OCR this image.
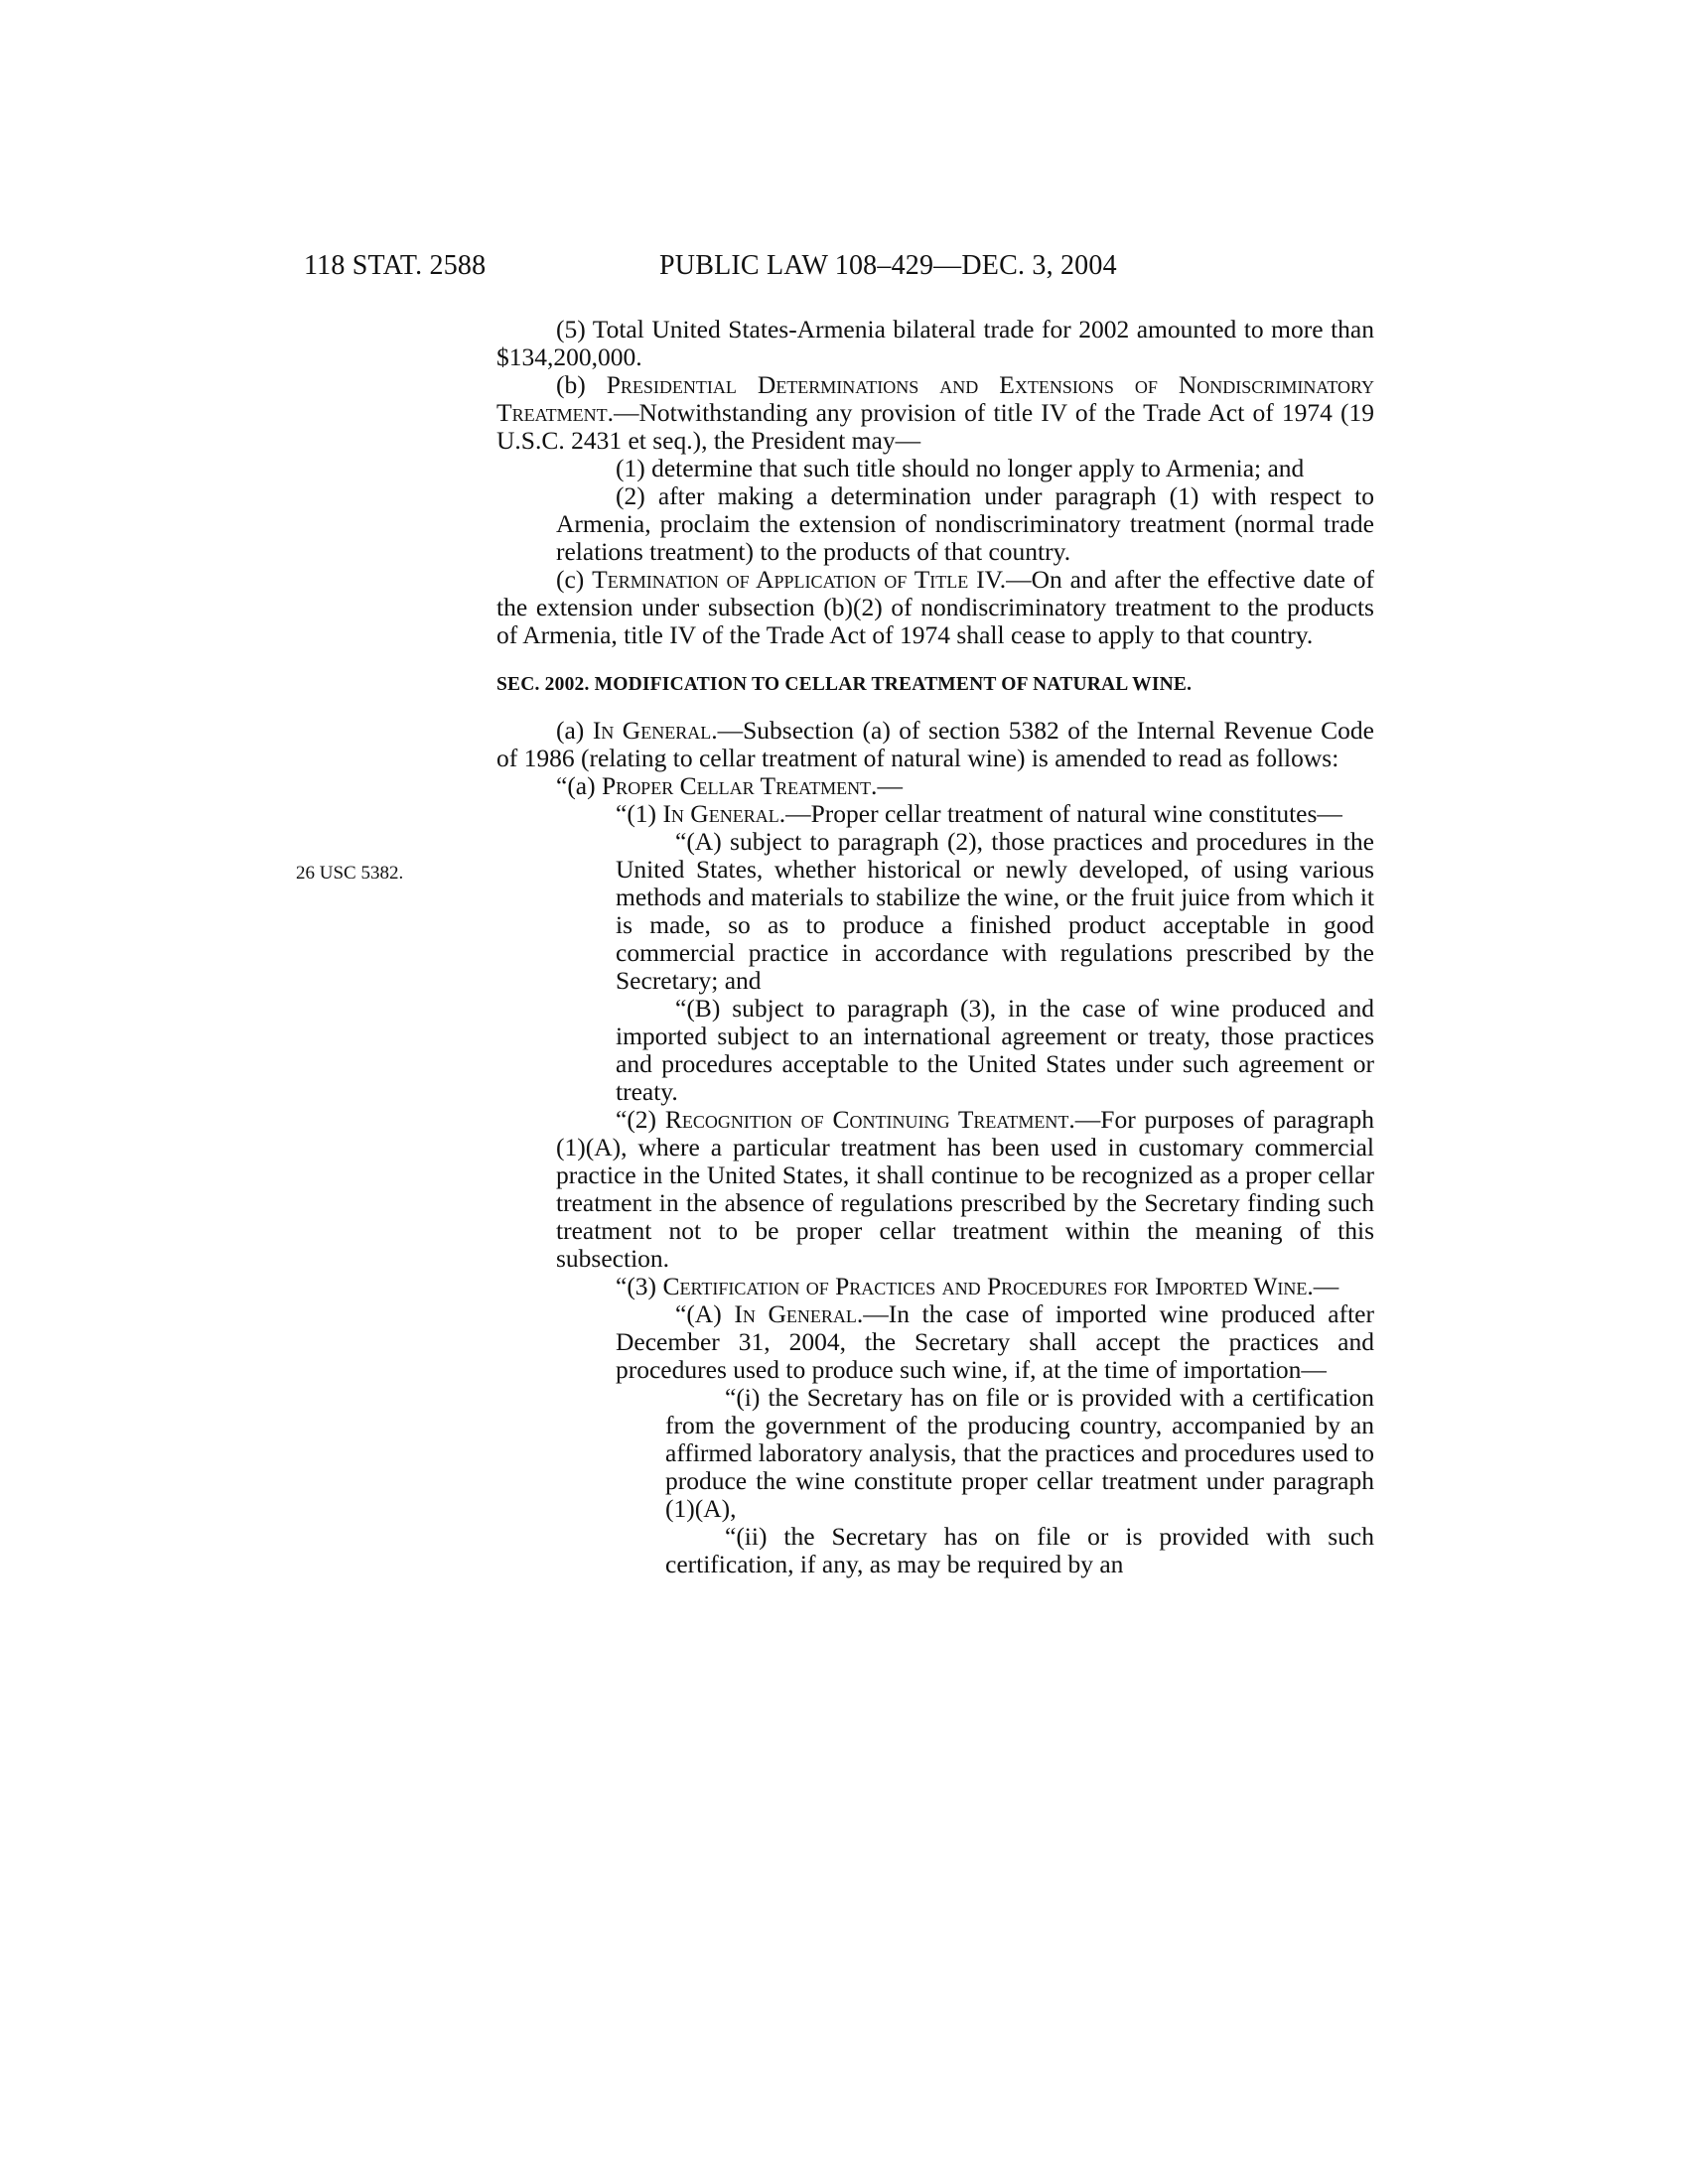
118 STAT. 2588	PUBLIC LAW 108–429—DEC. 3, 2004
26 USC 5382.

(5) Total United States-Armenia bilateral trade for 2002 amounted to more than $134,200,000.

(b) Presidential Determinations and Extensions of Nondiscriminatory Treatment.—Notwithstanding any provision of title IV of the Trade Act of 1974 (19 U.S.C. 2431 et seq.), the President may—

(1) determine that such title should no longer apply to Armenia; and

(2) after making a determination under paragraph (1) with respect to Armenia, proclaim the extension of nondiscriminatory treatment (normal trade relations treatment) to the products of that country.

(c) Termination of Application of Title IV.—On and after the effective date of the extension under subsection (b)(2) of nondiscriminatory treatment to the products of Armenia, title IV of the Trade Act of 1974 shall cease to apply to that country.

SEC. 2002. MODIFICATION TO CELLAR TREATMENT OF NATURAL WINE.

(a) In General.—Subsection (a) of section 5382 of the Internal Revenue Code of 1986 (relating to cellar treatment of natural wine) is amended to read as follows:

“(a) Proper Cellar Treatment.—

“(1) In General.—Proper cellar treatment of natural wine constitutes—

“(A) subject to paragraph (2), those practices and procedures in the United States, whether historical or newly developed, of using various methods and materials to stabilize the wine, or the fruit juice from which it is made, so as to produce a finished product acceptable in good commercial practice in accordance with regulations prescribed by the Secretary; and

“(B) subject to paragraph (3), in the case of wine produced and imported subject to an international agreement or treaty, those practices and procedures acceptable to the United States under such agreement or treaty.

“(2) Recognition of Continuing Treatment.—For purposes of paragraph (1)(A), where a particular treatment has been used in customary commercial practice in the United States, it shall continue to be recognized as a proper cellar treatment in the absence of regulations prescribed by the Secretary finding such treatment not to be proper cellar treatment within the meaning of this subsection.

“(3) Certification of Practices and Procedures for Imported Wine.—

“(A) In General.—In the case of imported wine produced after December 31, 2004, the Secretary shall accept the practices and procedures used to produce such wine, if, at the time of importation—

“(i) the Secretary has on file or is provided with a certification from the government of the producing country, accompanied by an affirmed laboratory analysis, that the practices and procedures used to produce the wine constitute proper cellar treatment under paragraph (1)(A),

“(ii) the Secretary has on file or is provided with such certification, if any, as may be required by an
